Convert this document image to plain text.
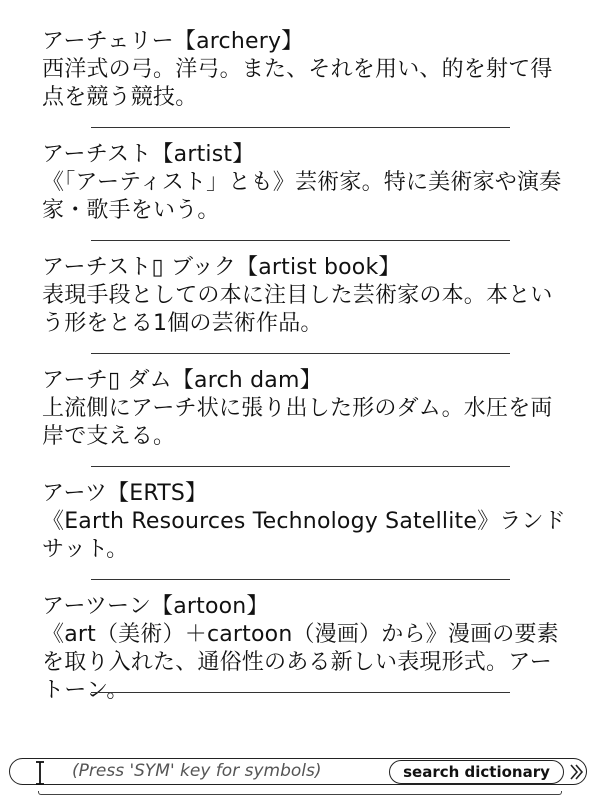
アーチェリー【archery】
西洋式の弓。洋弓。また、それを用い、的を射て得点を競う競技。
アーチスト【artist】
《「アーティスト」とも》芸術家。特に美術家や演奏家・歌手をいう。
アーチスト▯ ブック【artist book】
表現手段としての本に注目した芸術家の本。本という形をとる1個の芸術作品。
アーチ▯ ダム【arch dam】
上流側にアーチ状に張り出した形のダム。水圧を両岸で支える。
アーツ【ERTS】
《Earth Resources Technology Satellite》ランドサット。
アーツーン【artoon】
《art（美術）＋cartoon（漫画）から》漫画の要素を取り入れた、通俗性のある新しい表現形式。アートーン。
(Press 'SYM' key for symbols)
search dictionary
